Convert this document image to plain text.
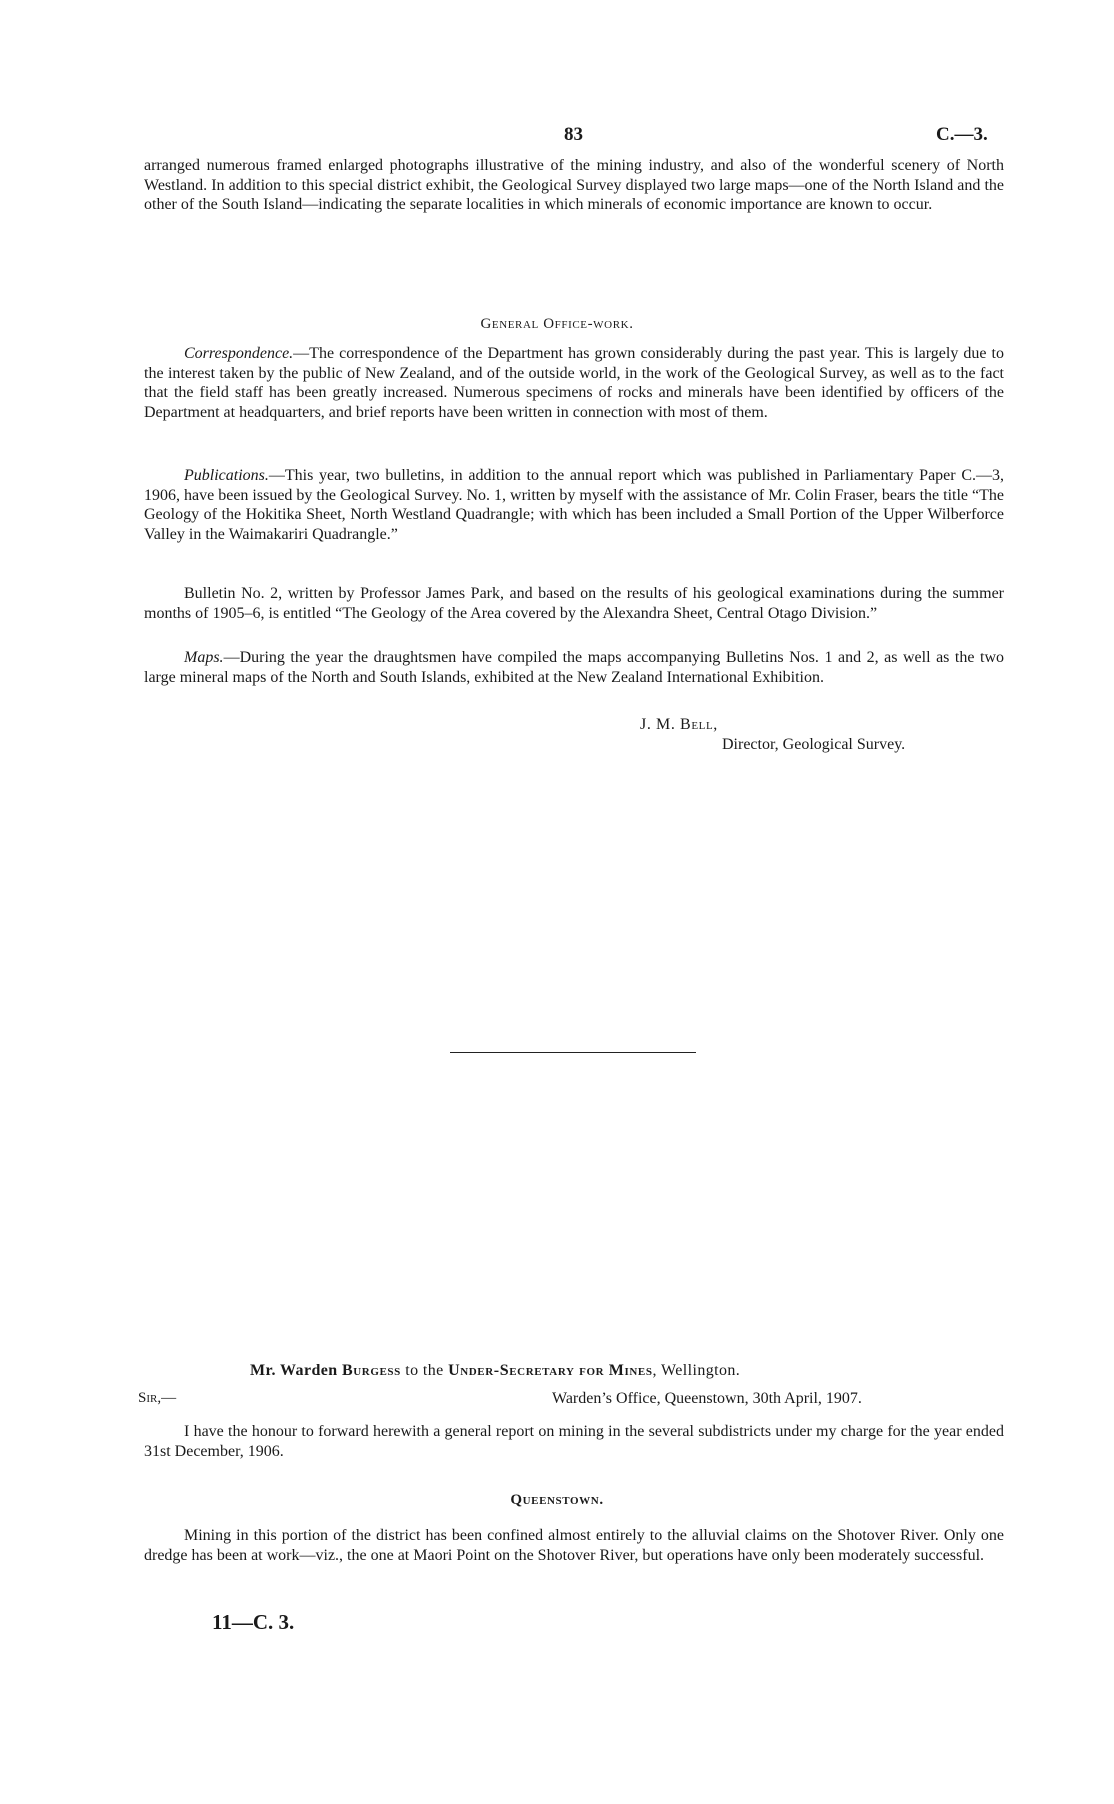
83	C.—3.

arranged numerous framed enlarged photographs illustrative of the mining industry, and also of the wonderful scenery of North Westland. In addition to this special district exhibit, the Geological Survey displayed two large maps—one of the North Island and the other of the South Island—indicating the separate localities in which minerals of economic importance are known to occur.

General Office-work.

Correspondence.—The correspondence of the Department has grown considerably during the past year. This is largely due to the interest taken by the public of New Zealand, and of the outside world, in the work of the Geological Survey, as well as to the fact that the field staff has been greatly increased. Numerous specimens of rocks and minerals have been identified by officers of the Department at headquarters, and brief reports have been written in connection with most of them.

Publications.—This year, two bulletins, in addition to the annual report which was published in Parliamentary Paper C.—3, 1906, have been issued by the Geological Survey. No. 1, written by myself with the assistance of Mr. Colin Fraser, bears the title “The Geology of the Hokitika Sheet, North Westland Quadrangle; with which has been included a Small Portion of the Upper Wilberforce Valley in the Waimakariri Quadrangle.”

Bulletin No. 2, written by Professor James Park, and based on the results of his geological examinations during the summer months of 1905–6, is entitled “The Geology of the Area covered by the Alexandra Sheet, Central Otago Division.”

Maps.—During the year the draughtsmen have compiled the maps accompanying Bulletins Nos. 1 and 2, as well as the two large mineral maps of the North and South Islands, exhibited at the New Zealand International Exhibition.

J. M. Bell,
Director, Geological Survey.
Mr. Warden Burgess to the Under-Secretary for Mines, Wellington.
Sir,—	Warden’s Office, Queenstown, 30th April, 1907.

I have the honour to forward herewith a general report on mining in the several subdistricts under my charge for the year ended 31st December, 1906.

Queenstown.

Mining in this portion of the district has been confined almost entirely to the alluvial claims on the Shotover River. Only one dredge has been at work—viz., the one at Maori Point on the Shotover River, but operations have only been moderately successful.

11—C. 3.
